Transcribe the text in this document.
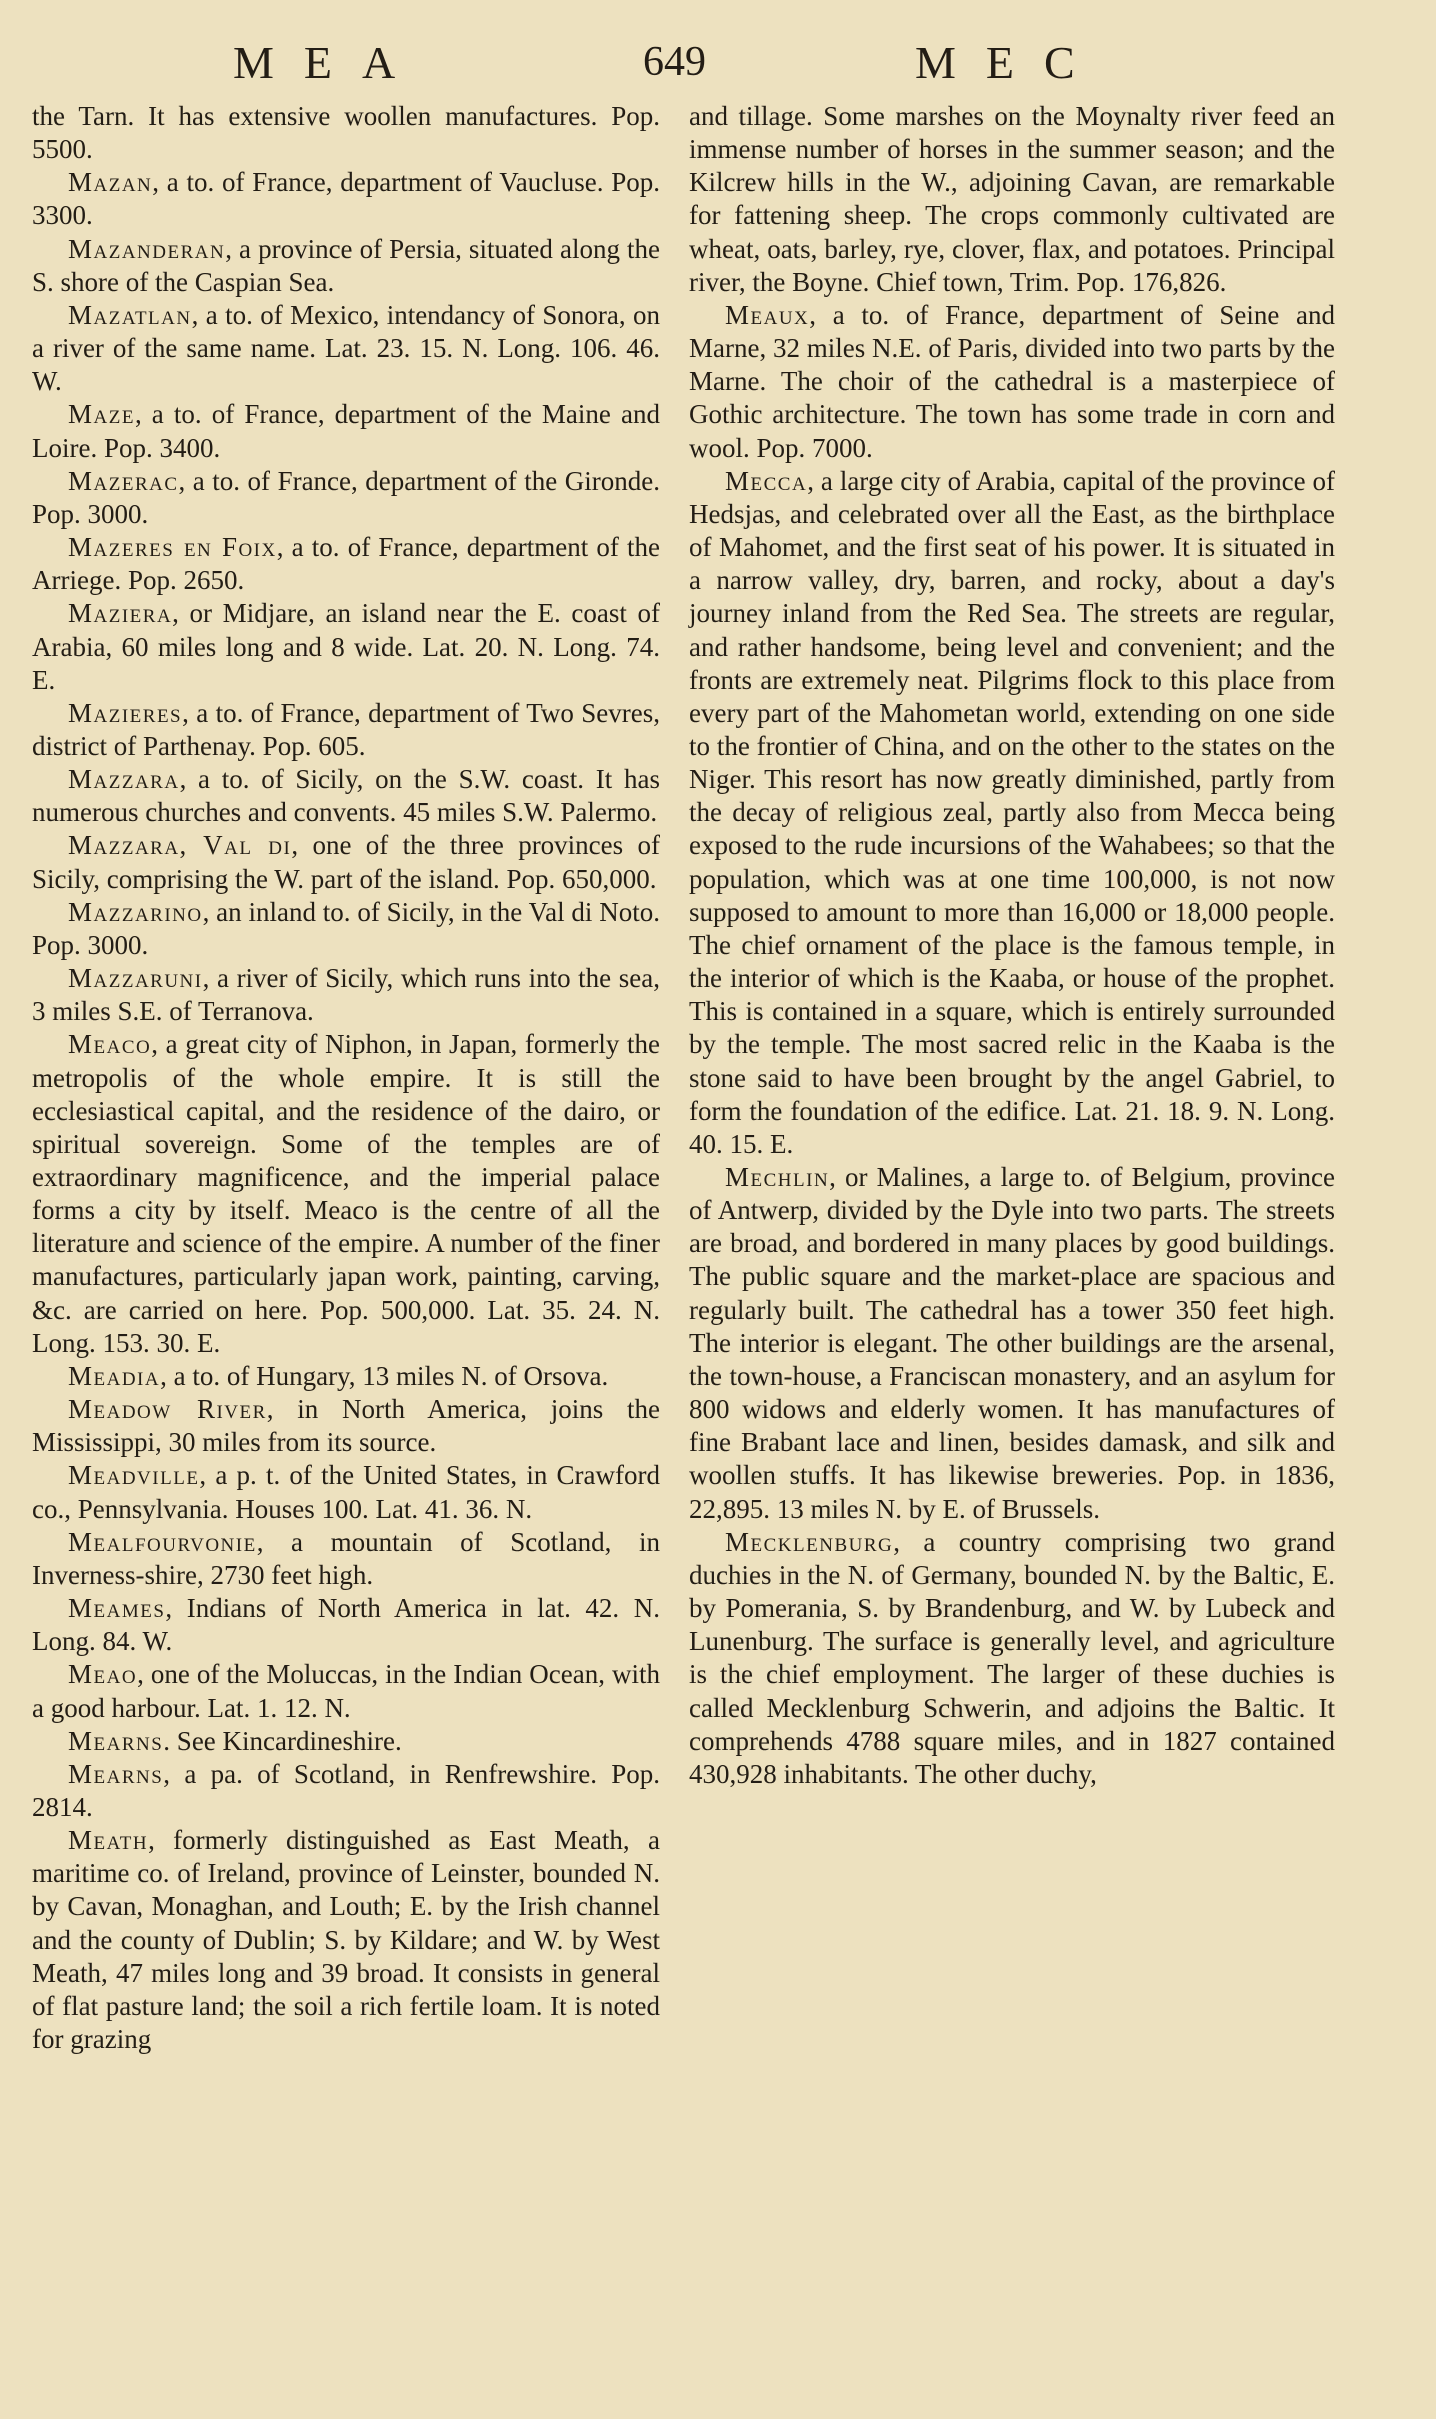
MEA	649	MEC

the Tarn. It has extensive woollen manufactures. Pop. 5500.

Mazan, a to. of France, department of Vaucluse. Pop. 3300.

Mazanderan, a province of Persia, situated along the S. shore of the Caspian Sea.

Mazatlan, a to. of Mexico, intendancy of Sonora, on a river of the same name. Lat. 23. 15. N. Long. 106. 46. W.

Maze, a to. of France, department of the Maine and Loire. Pop. 3400.

Mazerac, a to. of France, department of the Gironde. Pop. 3000.

Mazeres en Foix, a to. of France, department of the Arriege. Pop. 2650.

Maziera, or Midjare, an island near the E. coast of Arabia, 60 miles long and 8 wide. Lat. 20. N. Long. 74. E.

Mazieres, a to. of France, department of Two Sevres, district of Parthenay. Pop. 605.

Mazzara, a to. of Sicily, on the S.W. coast. It has numerous churches and convents. 45 miles S.W. Palermo.

Mazzara, Val di, one of the three provinces of Sicily, comprising the W. part of the island. Pop. 650,000.

Mazzarino, an inland to. of Sicily, in the Val di Noto. Pop. 3000.

Mazzaruni, a river of Sicily, which runs into the sea, 3 miles S.E. of Terranova.

Meaco, a great city of Niphon, in Japan, formerly the metropolis of the whole empire. It is still the ecclesiastical capital, and the residence of the dairo, or spiritual sovereign. Some of the temples are of extraordinary magnificence, and the imperial palace forms a city by itself. Meaco is the centre of all the literature and science of the empire. A number of the finer manufactures, particularly japan work, painting, carving, &c. are carried on here. Pop. 500,000. Lat. 35. 24. N. Long. 153. 30. E.

Meadia, a to. of Hungary, 13 miles N. of Orsova.

Meadow River, in North America, joins the Mississippi, 30 miles from its source.

Meadville, a p. t. of the United States, in Crawford co., Pennsylvania. Houses 100. Lat. 41. 36. N.

Mealfourvonie, a mountain of Scotland, in Inverness-shire, 2730 feet high.

Meames, Indians of North America in lat. 42. N. Long. 84. W.

Meao, one of the Moluccas, in the Indian Ocean, with a good harbour. Lat. 1. 12. N.

Mearns. See Kincardineshire.

Mearns, a pa. of Scotland, in Renfrewshire. Pop. 2814.

Meath, formerly distinguished as East Meath, a maritime co. of Ireland, province of Leinster, bounded N. by Cavan, Monaghan, and Louth; E. by the Irish channel and the county of Dublin; S. by Kildare; and W. by West Meath, 47 miles long and 39 broad. It consists in general of flat pasture land; the soil a rich fertile loam. It is noted for grazing

and tillage. Some marshes on the Moynalty river feed an immense number of horses in the summer season; and the Kilcrew hills in the W., adjoining Cavan, are remarkable for fattening sheep. The crops commonly cultivated are wheat, oats, barley, rye, clover, flax, and potatoes. Principal river, the Boyne. Chief town, Trim. Pop. 176,826.

Meaux, a to. of France, department of Seine and Marne, 32 miles N.E. of Paris, divided into two parts by the Marne. The choir of the cathedral is a masterpiece of Gothic architecture. The town has some trade in corn and wool. Pop. 7000.

Mecca, a large city of Arabia, capital of the province of Hedsjas, and celebrated over all the East, as the birthplace of Mahomet, and the first seat of his power. It is situated in a narrow valley, dry, barren, and rocky, about a day's journey inland from the Red Sea. The streets are regular, and rather handsome, being level and convenient; and the fronts are extremely neat. Pilgrims flock to this place from every part of the Mahometan world, extending on one side to the frontier of China, and on the other to the states on the Niger. This resort has now greatly diminished, partly from the decay of religious zeal, partly also from Mecca being exposed to the rude incursions of the Wahabees; so that the population, which was at one time 100,000, is not now supposed to amount to more than 16,000 or 18,000 people. The chief ornament of the place is the famous temple, in the interior of which is the Kaaba, or house of the prophet. This is contained in a square, which is entirely surrounded by the temple. The most sacred relic in the Kaaba is the stone said to have been brought by the angel Gabriel, to form the foundation of the edifice. Lat. 21. 18. 9. N. Long. 40. 15. E.

Mechlin, or Malines, a large to. of Belgium, province of Antwerp, divided by the Dyle into two parts. The streets are broad, and bordered in many places by good buildings. The public square and the market-place are spacious and regularly built. The cathedral has a tower 350 feet high. The interior is elegant. The other buildings are the arsenal, the town-house, a Franciscan monastery, and an asylum for 800 widows and elderly women. It has manufactures of fine Brabant lace and linen, besides damask, and silk and woollen stuffs. It has likewise breweries. Pop. in 1836, 22,895. 13 miles N. by E. of Brussels.

Mecklenburg, a country comprising two grand duchies in the N. of Germany, bounded N. by the Baltic, E. by Pomerania, S. by Brandenburg, and W. by Lubeck and Lunenburg. The surface is generally level, and agriculture is the chief employment. The larger of these duchies is called Mecklenburg Schwerin, and adjoins the Baltic. It comprehends 4788 square miles, and in 1827 contained 430,928 inhabitants. The other duchy,
